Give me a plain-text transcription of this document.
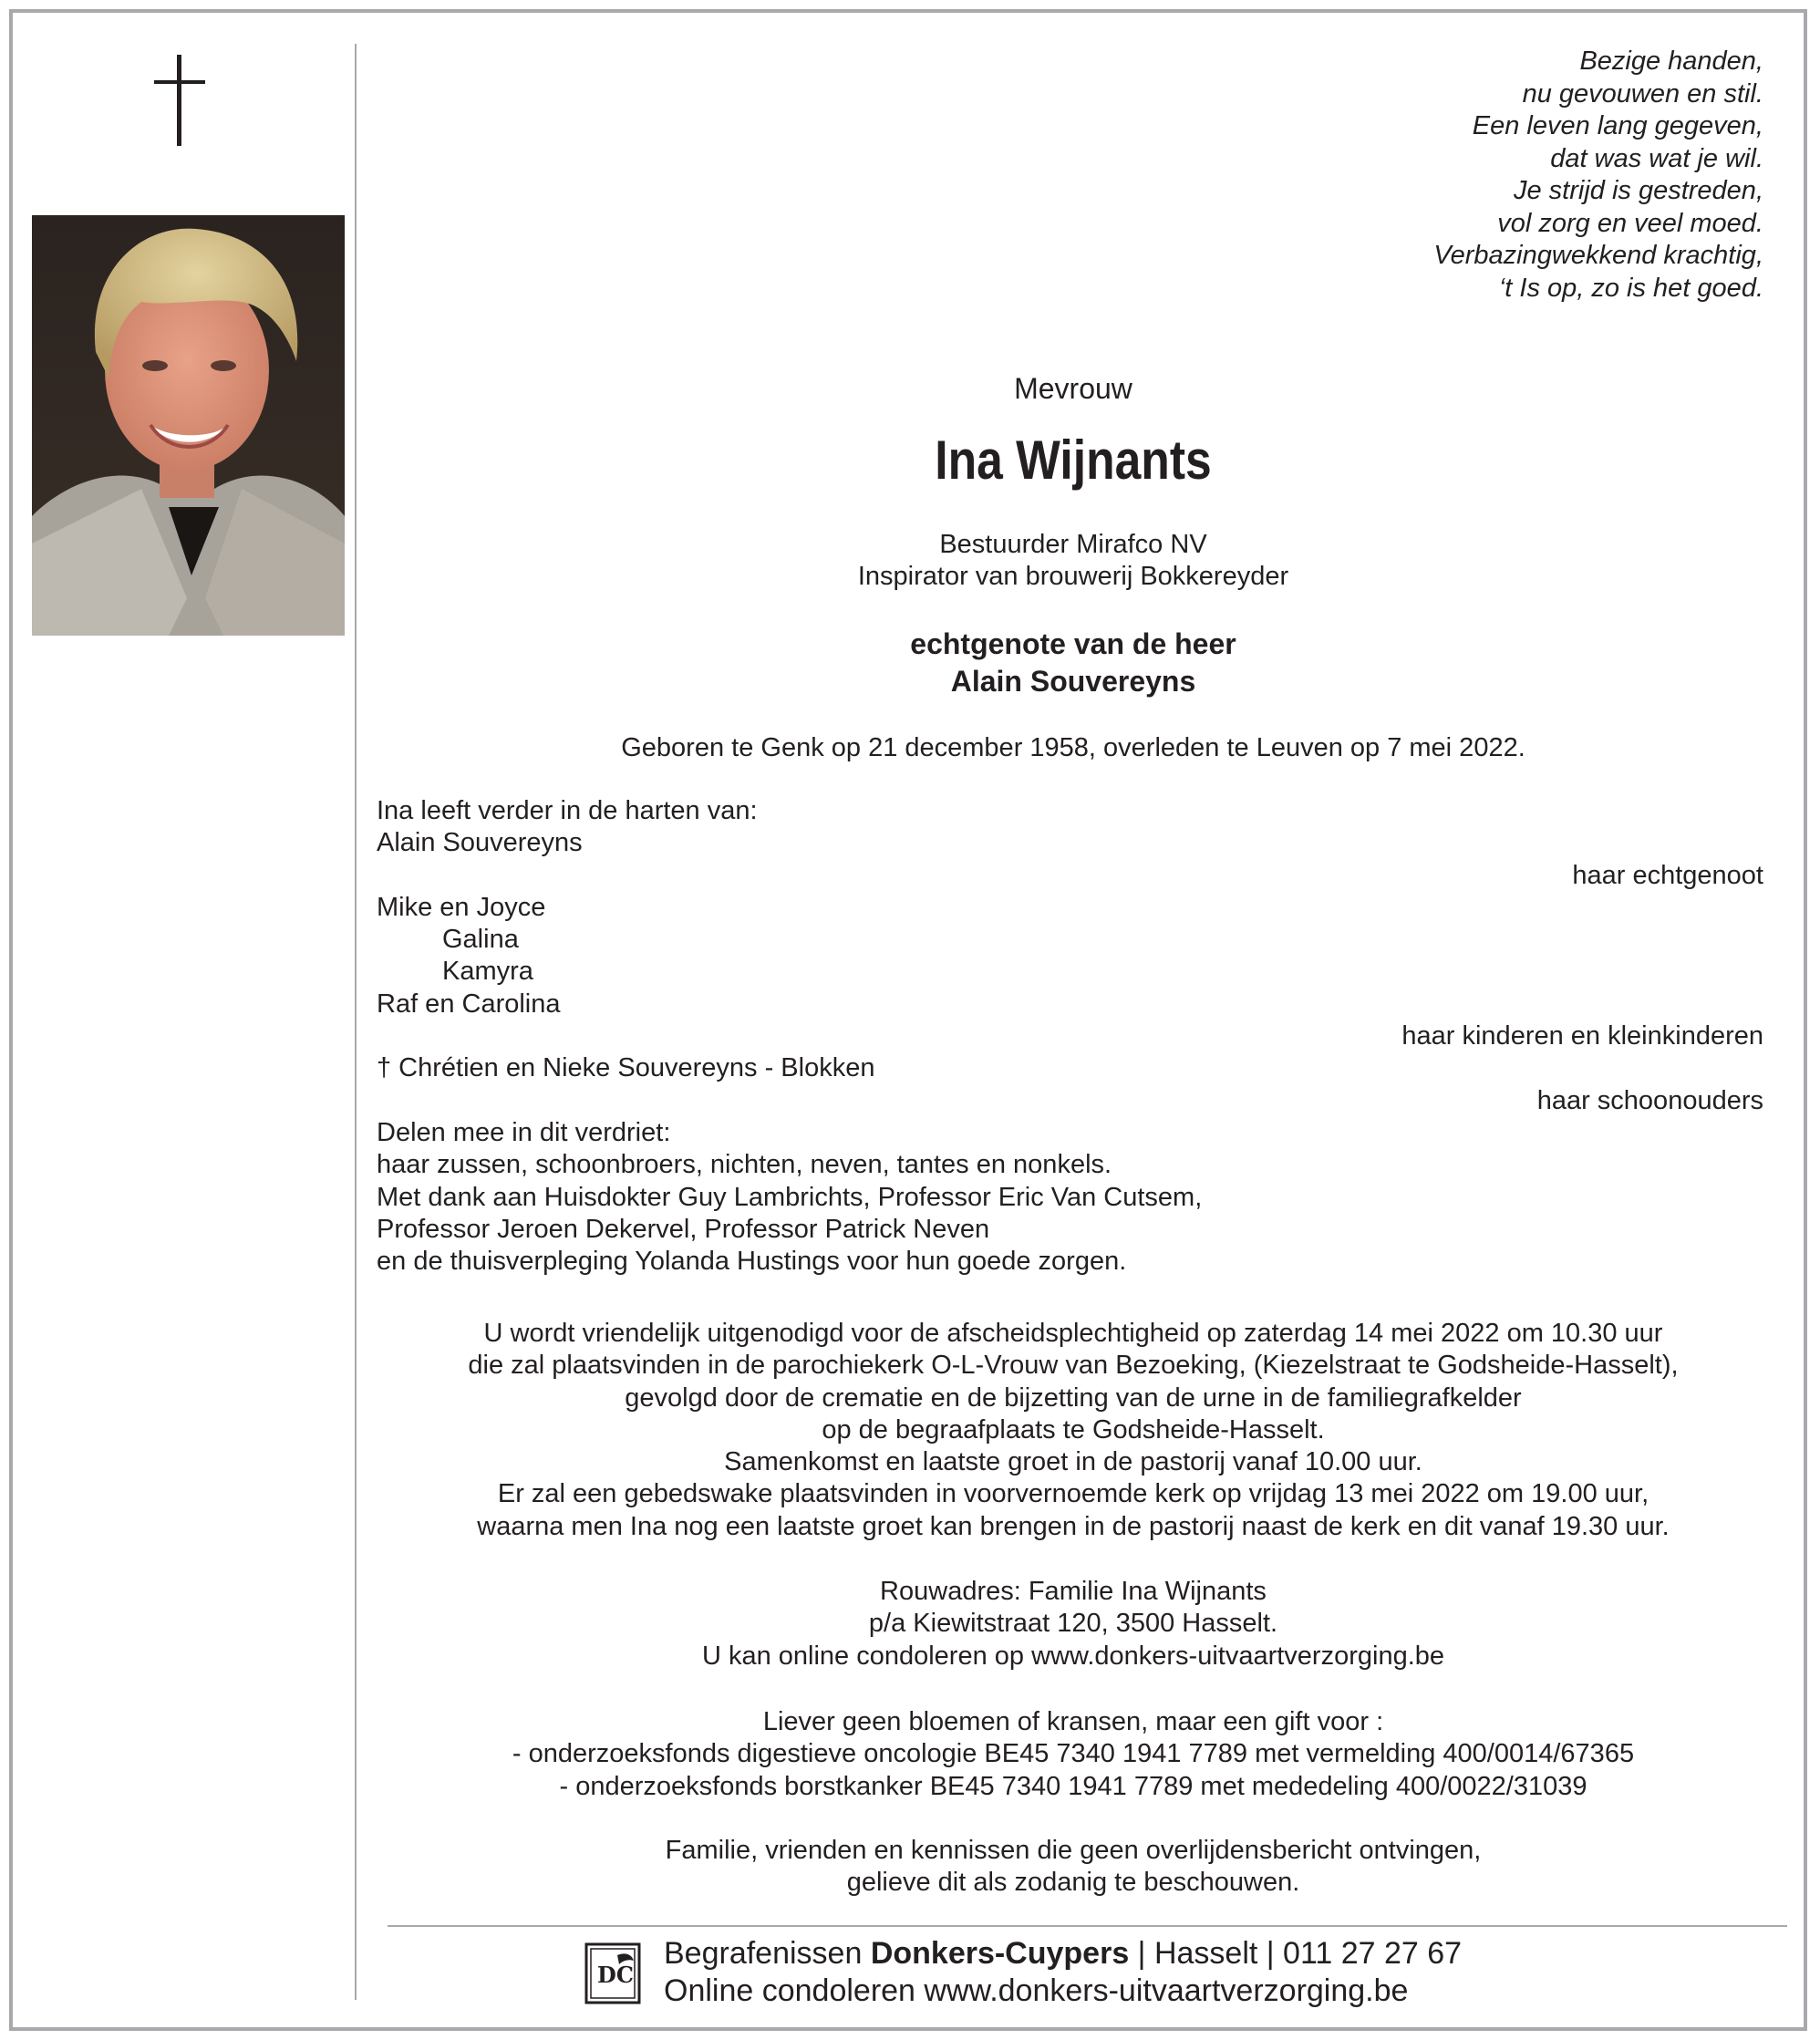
Bezige handen,
nu gevouwen en stil.
Een leven lang gegeven,
dat was wat je wil.
Je strijd is gestreden,
vol zorg en veel moed.
Verbazingwekkend krachtig,
‘t Is op, zo is het goed.
Mevrouw
Ina Wijnants
Bestuurder Mirafco NV
Inspirator van brouwerij Bokkereyder
echtgenote van de heer
Alain Souvereyns
Geboren te Genk op 21 december 1958, overleden te Leuven op 7 mei 2022.
Ina leeft verder in de harten van:
Alain Souvereyns
haar echtgenoot
Mike en Joyce
Galina
Kamyra
Raf en Carolina
haar kinderen en kleinkinderen
† Chrétien en Nieke Souvereyns - Blokken
haar schoonouders
Delen mee in dit verdriet:
haar zussen, schoonbroers, nichten, neven, tantes en nonkels.
Met dank aan Huisdokter Guy Lambrichts, Professor Eric Van Cutsem,
Professor Jeroen Dekervel, Professor Patrick Neven
en de thuisverpleging Yolanda Hustings voor hun goede zorgen.
U wordt vriendelijk uitgenodigd voor de afscheidsplechtigheid op zaterdag 14 mei 2022 om 10.30 uur
die zal plaatsvinden in de parochiekerk O-L-Vrouw van Bezoeking, (Kiezelstraat te Godsheide-Hasselt),
gevolgd door de crematie en de bijzetting van de urne in de familiegrafkelder
op de begraafplaats te Godsheide-Hasselt.
Samenkomst en laatste groet in de pastorij vanaf 10.00 uur.
Er zal een gebedswake plaatsvinden in voorvernoemde kerk op vrijdag 13 mei 2022 om 19.00 uur,
waarna men Ina nog een laatste groet kan brengen in de pastorij naast de kerk en dit vanaf 19.30 uur.
Rouwadres: Familie Ina Wijnants
p/a Kiewitstraat 120, 3500 Hasselt.
U kan online condoleren op www.donkers-uitvaartverzorging.be
Liever geen bloemen of kransen, maar een gift voor :
- onderzoeksfonds digestieve oncologie BE45 7340 1941 7789 met vermelding 400/0014/67365
- onderzoeksfonds borstkanker BE45 7340 1941 7789 met mededeling 400/0022/31039
Familie, vrienden en kennissen die geen overlijdensbericht ontvingen,
gelieve dit als zodanig te beschouwen.
DC
Begrafenissen Donkers-Cuypers | Hasselt | 011 27 27 67
Online condoleren www.donkers-uitvaartverzorging.be
